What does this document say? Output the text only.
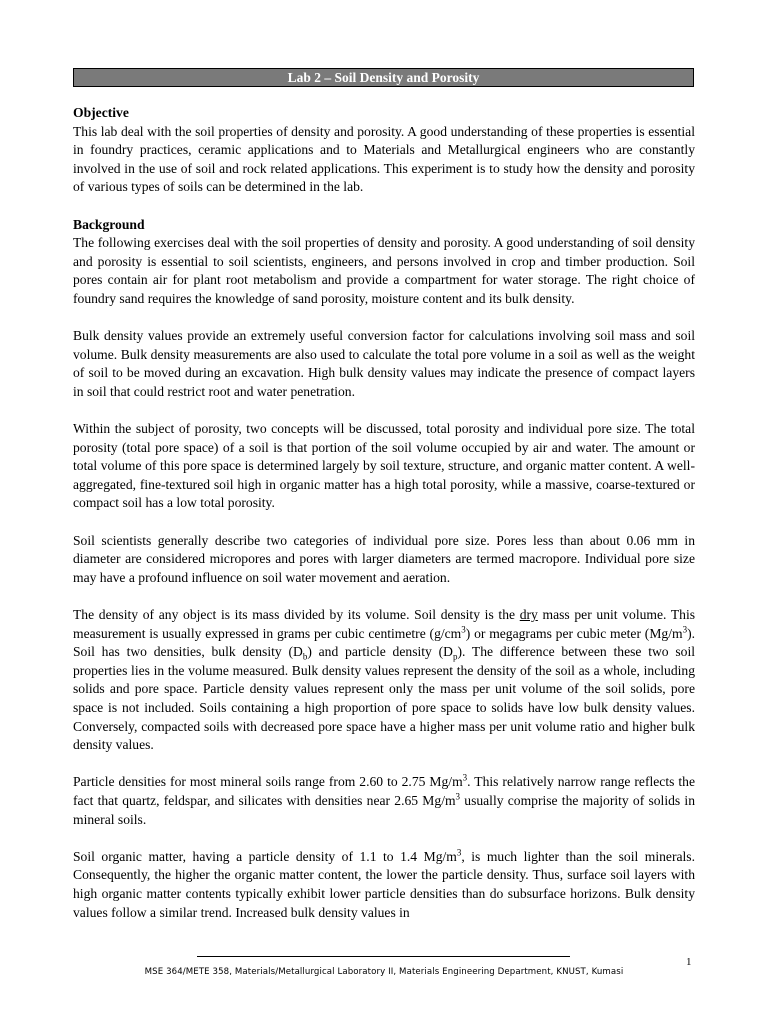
Lab 2 – Soil Density and Porosity
Objective

This lab deal with the soil properties of density and porosity. A good understanding of these properties is essential in foundry practices, ceramic applications and to Materials and Metallurgical engineers who are constantly involved in the use of soil and rock related applications. This experiment is to study how the density and porosity of various types of soils can be determined in the lab.

Background

The following exercises deal with the soil properties of density and porosity. A good understanding of soil density and porosity is essential to soil scientists, engineers, and persons involved in crop and timber production. Soil pores contain air for plant root metabolism and provide a compartment for water storage. The right choice of foundry sand requires the knowledge of sand porosity, moisture content and its bulk density.

Bulk density values provide an extremely useful conversion factor for calculations involving soil mass and soil volume. Bulk density measurements are also used to calculate the total pore volume in a soil as well as the weight of soil to be moved during an excavation. High bulk density values may indicate the presence of compact layers in soil that could restrict root and water penetration.

Within the subject of porosity, two concepts will be discussed, total porosity and individual pore size. The total porosity (total pore space) of a soil is that portion of the soil volume occupied by air and water. The amount or total volume of this pore space is determined largely by soil texture, structure, and organic matter content. A well-aggregated, fine-textured soil high in organic matter has a high total porosity, while a massive, coarse-textured or compact soil has a low total porosity.

Soil scientists generally describe two categories of individual pore size. Pores less than about 0.06 mm in diameter are considered micropores and pores with larger diameters are termed macropore. Individual pore size may have a profound influence on soil water movement and aeration.

The density of any object is its mass divided by its volume. Soil density is the dry mass per unit volume. This measurement is usually expressed in grams per cubic centimetre $(g/cm^3)$ or megagrams per cubic meter $(Mg/m^3)$. Soil has two densities, bulk density $(D_b)$ and particle density $(D_p)$. The difference between these two soil properties lies in the volume measured. Bulk density values represent the density of the soil as a whole, including solids and pore space. Particle density values represent only the mass per unit volume of the soil solids, pore space is not included. Soils containing a high proportion of pore space to solids have low bulk density values. Conversely, compacted soils with decreased pore space have a higher mass per unit volume ratio and higher bulk density values.

Particle densities for most mineral soils range from 2.60 to 2.75 $Mg/m^3$. This relatively narrow range reflects the fact that quartz, feldspar, and silicates with densities near 2.65 $Mg/m^3$ usually comprise the majority of solids in mineral soils.

Soil organic matter, having a particle density of 1.1 to 1.4 $Mg/m^3$, is much lighter than the soil minerals. Consequently, the higher the organic matter content, the lower the particle density. Thus, surface soil layers with high organic matter contents typically exhibit lower particle densities than do subsurface horizons. Bulk density values follow a similar trend. Increased bulk density values in

1
MSE 364/METE 358, Materials/Metallurgical Laboratory II, Materials Engineering Department, KNUST, Kumasi
